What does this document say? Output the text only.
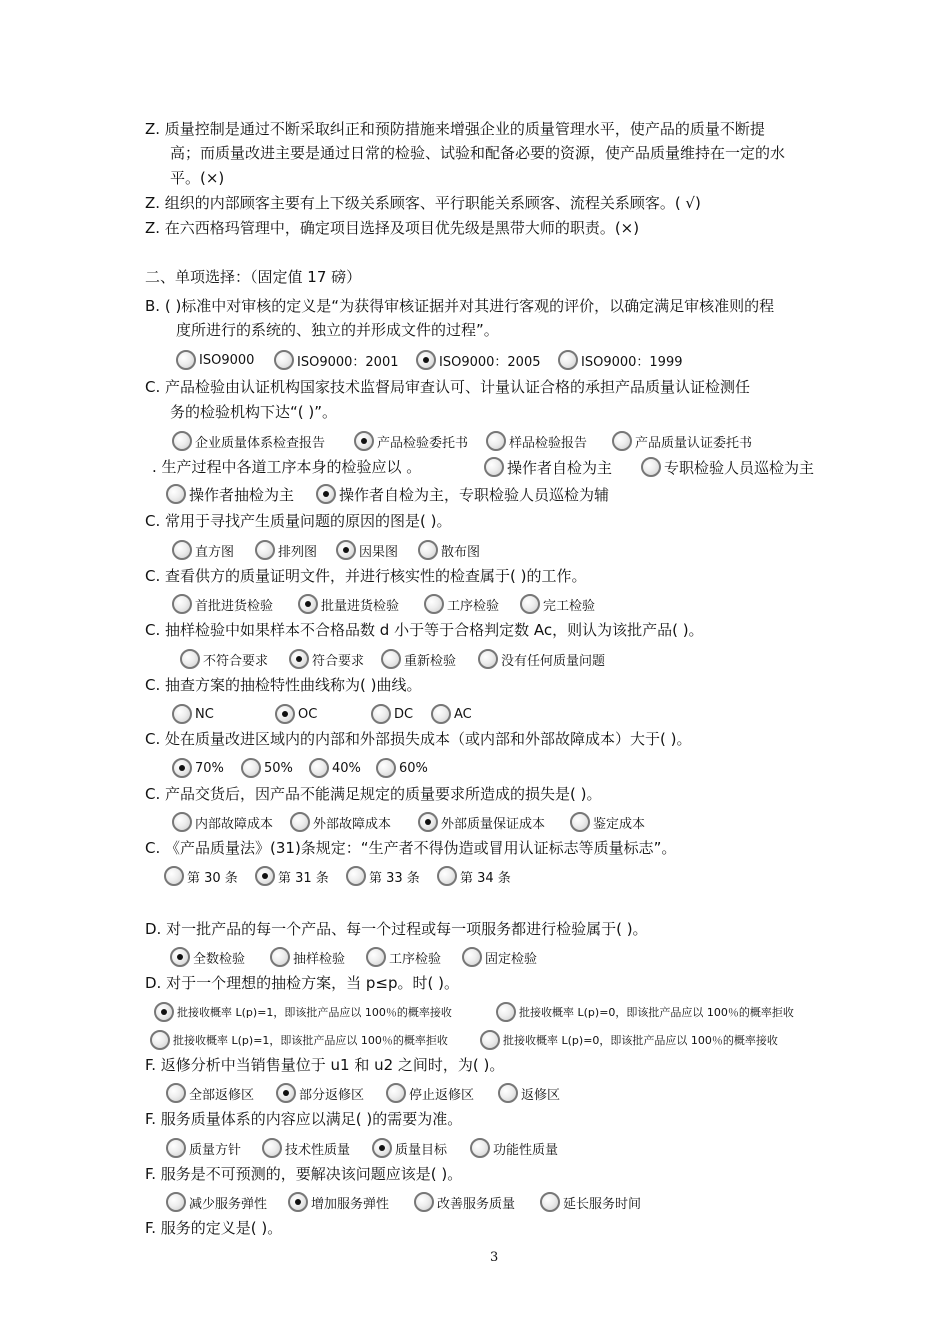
Z. 质量控制是通过不断采取纠正和预防措施来增强企业的质量管理水平，使产品的质量不断提
高；而质量改进主要是通过日常的检验、试验和配备必要的资源，使产品质量维持在一定的水
平。(×)
Z. 组织的内部顾客主要有上下级关系顾客、平行职能关系顾客、流程关系顾客。( √)
Z. 在六西格玛管理中，确定项目选择及项目优先级是黑带大师的职责。(×)
二、单项选择：（固定值 17 磅）
B. ( )标准中对审核的定义是“为获得审核证据并对其进行客观的评价，以确定满足审核准则的程
度所进行的系统的、独立的并形成文件的过程”。
ISO9000	ISO9000：2001	ISO9000：2005	ISO9000：1999
C. 产品检验由认证机构国家技术监督局审查认可、计量认证合格的承担产品质量认证检测任
务的检验机构下达“( )”。
企业质量体系检查报告	产品检验委托书	样品检验报告	产品质量认证委托书
. 生产过程中各道工序本身的检验应以 。	操作者自检为主	专职检验人员巡检为主
操作者抽检为主	操作者自检为主，专职检验人员巡检为辅
C. 常用于寻找产生质量问题的原因的图是( )。
直方图	排列图	因果图	散布图
C. 查看供方的质量证明文件，并进行核实性的检查属于( )的工作。
首批进货检验	批量进货检验	工序检验	完工检验
C. 抽样检验中如果样本不合格品数 d 小于等于合格判定数 Ac，则认为该批产品( )。
不符合要求	符合要求	重新检验	没有任何质量问题
C. 抽查方案的抽检特性曲线称为( )曲线。
NC	OC	DC	AC
C. 处在质量改进区域内的内部和外部损失成本（或内部和外部故障成本）大于( )。
70%	50%	40%	60%
C. 产品交货后，因产品不能满足规定的质量要求所造成的损失是( )。
内部故障成本	外部故障成本	外部质量保证成本	鉴定成本
C. 《产品质量法》(31)条规定：“生产者不得伪造或冒用认证标志等质量标志”。
第 30 条	第 31 条	第 33 条	第 34 条
D. 对一批产品的每一个产品、每一个过程或每一项服务都进行检验属于( )。
全数检验	抽样检验	工序检验	固定检验
D. 对于一个理想的抽检方案，当 p≤p。时( )。
批接收概率 L(p)=1，即该批产品应以 100％的概率接收	批接收概率 L(p)=0，即该批产品应以 100％的概率拒收
批接收概率 L(p)=1，即该批产品应以 100％的概率拒收	批接收概率 L(p)=0，即该批产品应以 100％的概率接收
F. 返修分析中当销售量位于 u1 和 u2 之间时，为( )。
全部返修区	部分返修区	停止返修区	返修区
F. 服务质量体系的内容应以满足( )的需要为准。
质量方针	技术性质量	质量目标	功能性质量
F. 服务是不可预测的，要解决该问题应该是( )。
减少服务弹性	增加服务弹性	改善服务质量	延长服务时间
F. 服务的定义是( )。
3
